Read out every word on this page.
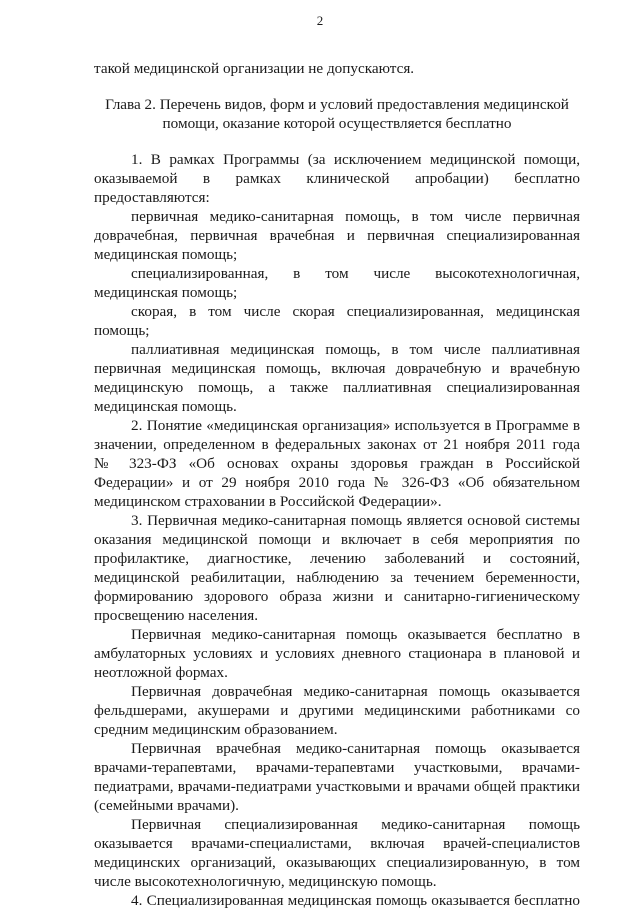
2
такой медицинской организации не допускаются.
Глава 2. Перечень видов, форм и условий предоставления медицинской
помощи, оказание которой осуществляется бесплатно
1. В рамках Программы (за исключением медицинской помощи,
оказываемой в рамках клинической апробации) бесплатно
предоставляются:
первичная медико-санитарная помощь, в том числе первичная
доврачебная, первичная врачебная и первичная специализированная
медицинская помощь;
специализированная, в том числе высокотехнологичная,
медицинская помощь;
скорая, в том числе скорая специализированная, медицинская
помощь;
паллиативная медицинская помощь, в том числе паллиативная
первичная медицинская помощь, включая доврачебную и врачебную
медицинскую помощь, а также паллиативная специализированная
медицинская помощь.
2. Понятие «медицинская организация» используется в Программе в
значении, определенном в федеральных законах от 21 ноября 2011 года
№ 323-ФЗ «Об основах охраны здоровья граждан в Российской
Федерации» и от 29 ноября 2010 года № 326-ФЗ «Об обязательном
медицинском страховании в Российской Федерации».
3. Первичная медико-санитарная помощь является основой системы
оказания медицинской помощи и включает в себя мероприятия по
профилактике, диагностике, лечению заболеваний и состояний,
медицинской реабилитации, наблюдению за течением беременности,
формированию здорового образа жизни и санитарно-гигиеническому
просвещению населения.
Первичная медико-санитарная помощь оказывается бесплатно в
амбулаторных условиях и условиях дневного стационара в плановой и
неотложной формах.
Первичная доврачебная медико-санитарная помощь оказывается
фельдшерами, акушерами и другими медицинскими работниками со
средним медицинским образованием.
Первичная врачебная медико-санитарная помощь оказывается
врачами-терапевтами, врачами-терапевтами участковыми, врачами-
педиатрами, врачами-педиатрами участковыми и врачами общей практики
(семейными врачами).
Первичная специализированная медико-санитарная помощь
оказывается врачами-специалистами, включая врачей-специалистов
медицинских организаций, оказывающих специализированную, в том
числе высокотехнологичную, медицинскую помощь.
4. Специализированная медицинская помощь оказывается бесплатно
